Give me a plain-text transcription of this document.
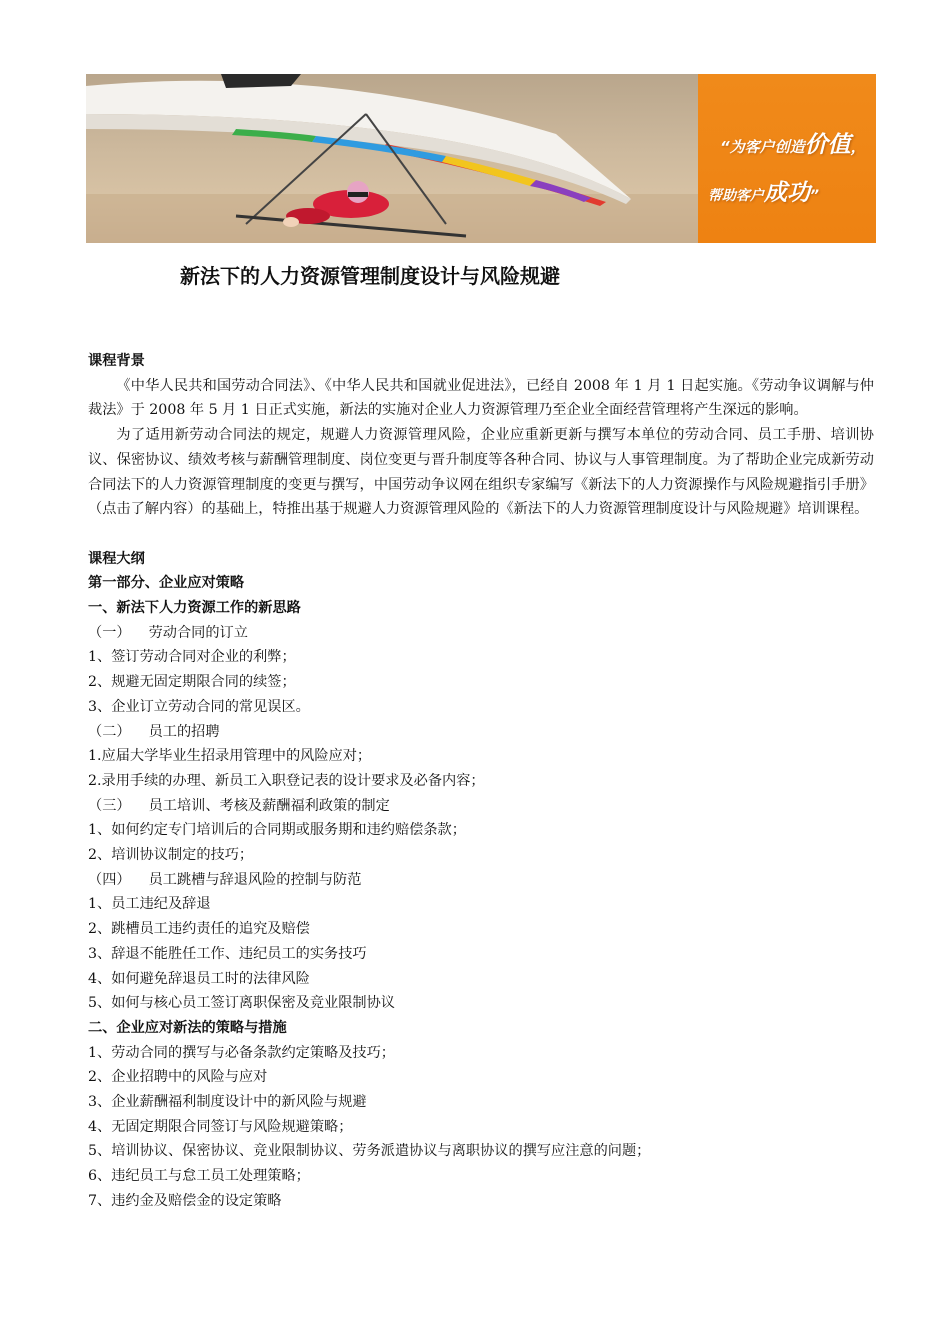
“为客户创造价值，
帮助客户成功”
新法下的人力资源管理制度设计与风险规避

课程背景

《中华人民共和国劳动合同法》、《中华人民共和国就业促进法》，已经自 2008 年 1 月 1 日起实施。《劳动争议调解与仲裁法》于 2008 年 5 月 1 日正式实施，新法的实施对企业人力资源管理乃至企业全面经营管理将产生深远的影响。

为了适用新劳动合同法的规定，规避人力资源管理风险，企业应重新更新与撰写本单位的劳动合同、员工手册、培训协议、保密协议、绩效考核与薪酬管理制度、岗位变更与晋升制度等各种合同、协议与人事管理制度。为了帮助企业完成新劳动合同法下的人力资源管理制度的变更与撰写，中国劳动争议网在组织专家编写《新法下的人力资源操作与风险规避指引手册》（点击了解内容）的基础上，特推出基于规避人力资源管理风险的《新法下的人力资源管理制度设计与风险规避》培训课程。

课程大纲

第一部分、企业应对策略

一、新法下人力资源工作的新思路

（一）    劳动合同的订立

1、签订劳动合同对企业的利弊；

2、规避无固定期限合同的续签；

3、企业订立劳动合同的常见误区。

（二）    员工的招聘

1.应届大学毕业生招录用管理中的风险应对；

2.录用手续的办理、新员工入职登记表的设计要求及必备内容；

（三）    员工培训、考核及薪酬福利政策的制定

1、如何约定专门培训后的合同期或服务期和违约赔偿条款；

2、培训协议制定的技巧；

（四）    员工跳槽与辞退风险的控制与防范

1、员工违纪及辞退

2、跳槽员工违约责任的追究及赔偿

3、辞退不能胜任工作、违纪员工的实务技巧

4、如何避免辞退员工时的法律风险

5、如何与核心员工签订离职保密及竞业限制协议

二、企业应对新法的策略与措施

1、劳动合同的撰写与必备条款约定策略及技巧；

2、企业招聘中的风险与应对

3、企业薪酬福利制度设计中的新风险与规避

4、无固定期限合同签订与风险规避策略；

5、培训协议、保密协议、竞业限制协议、劳务派遣协议与离职协议的撰写应注意的问题；

6、违纪员工与怠工员工处理策略；

7、违约金及赔偿金的设定策略
